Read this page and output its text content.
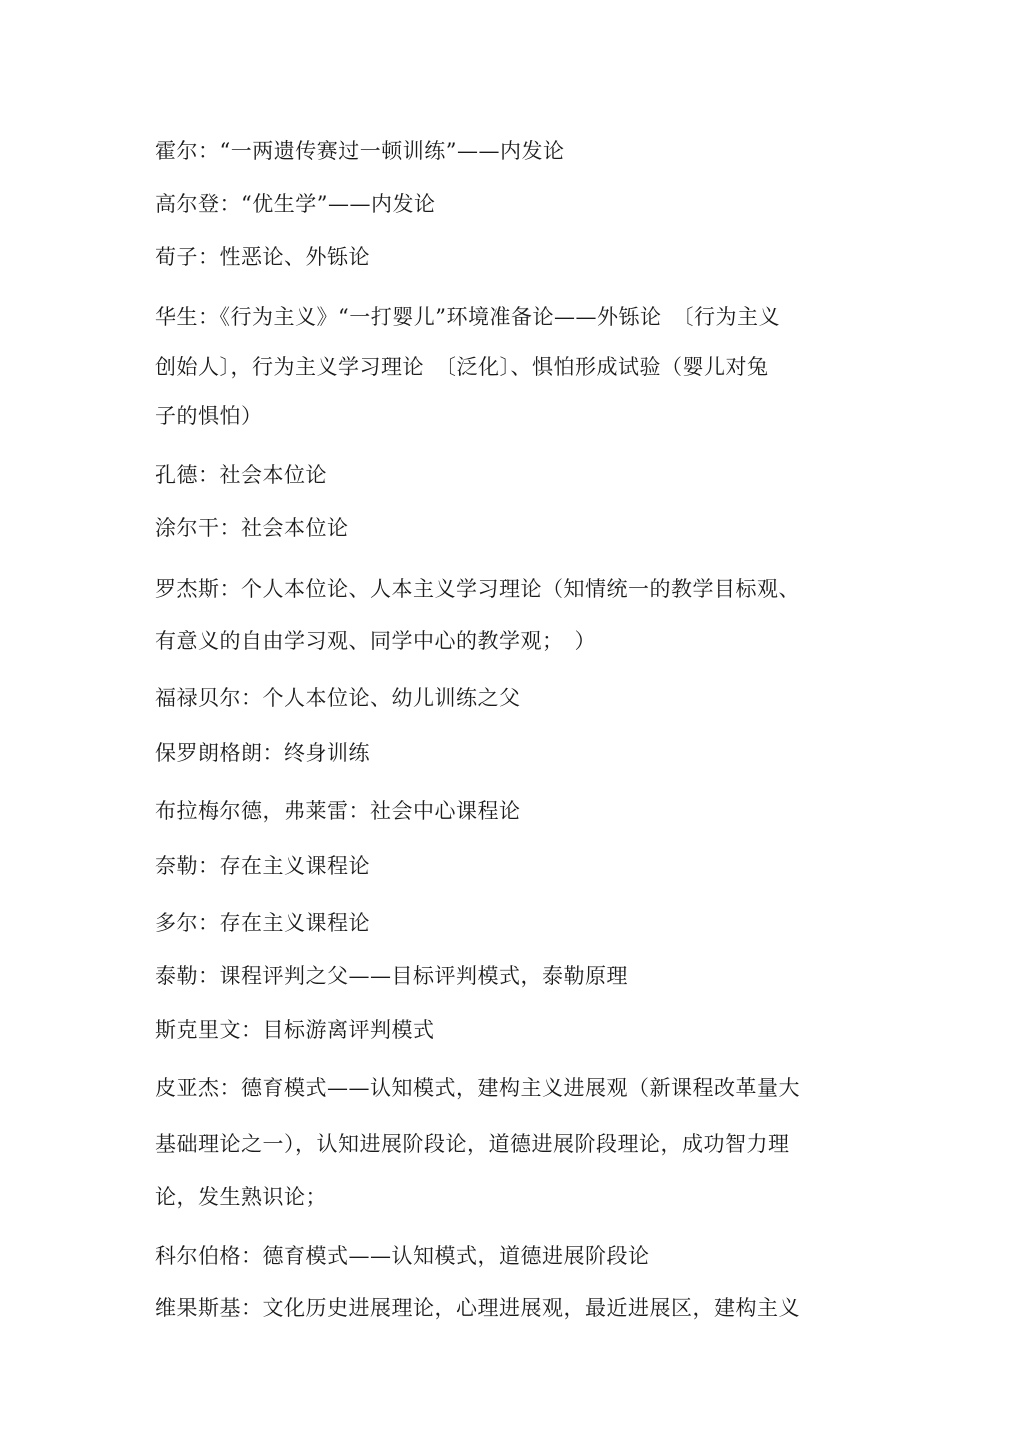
霍尔：“一两遗传赛过一顿训练”——内发论

高尔登：“优生学”——内发论

荀子：性恶论、外铄论

华生：《行为主义》“一打婴儿”环境准备论——外铄论　〔行为主义

创始人〕，行为主义学习理论　〔泛化〕、惧怕形成试验（婴儿对兔

子的惧怕）

孔德：社会本位论

涂尔干：社会本位论

罗杰斯：个人本位论、人本主义学习理论（知情统一的教学目标观、

有意义的自由学习观、同学中心的教学观；　）

福禄贝尔：个人本位论、幼儿训练之父

保罗朗格朗：终身训练

布拉梅尔德，弗莱雷：社会中心课程论

奈勒：存在主义课程论

多尔：存在主义课程论

泰勒：课程评判之父——目标评判模式，泰勒原理

斯克里文：目标游离评判模式

皮亚杰：德育模式——认知模式，建构主义进展观（新课程改革量大

基础理论之一），认知进展阶段论，道德进展阶段理论，成功智力理

论，发生熟识论；

科尔伯格：德育模式——认知模式，道德进展阶段论

维果斯基：文化历史进展理论，心理进展观，最近进展区，建构主义
